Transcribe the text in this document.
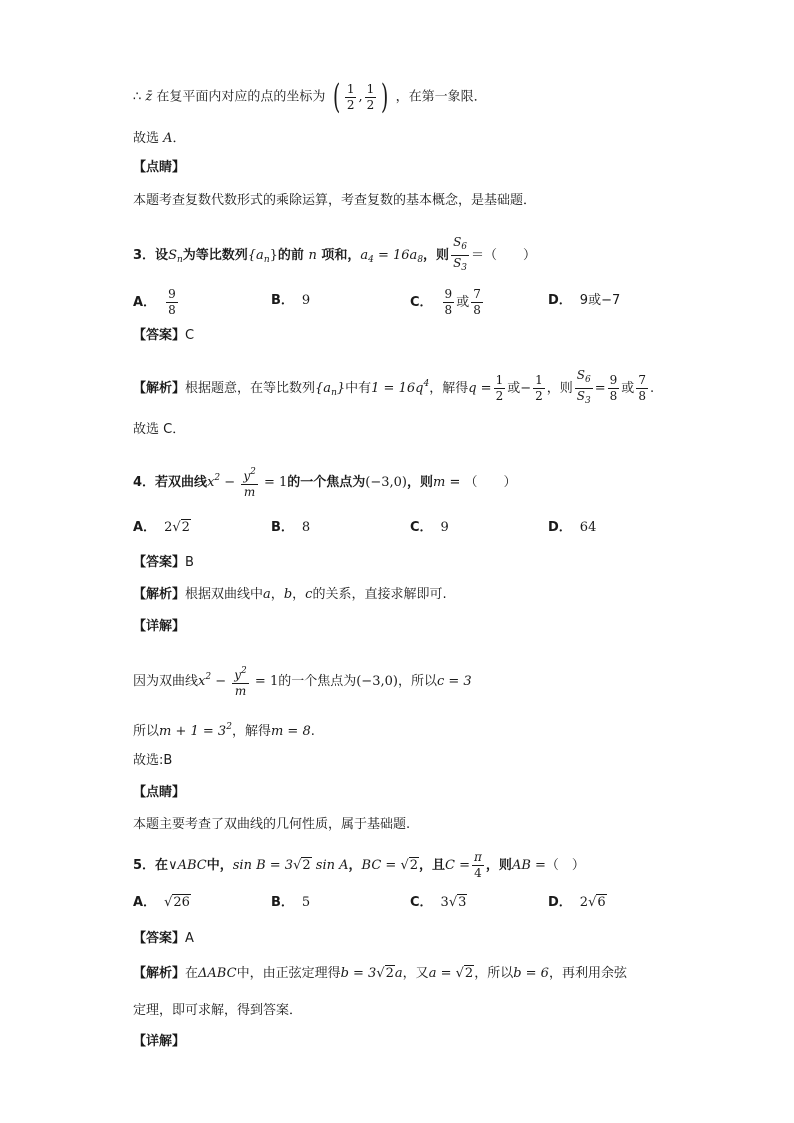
∴ z̄ 在复平面内对应的点的坐标为 ( $\frac{1}{2}$ , $\frac{1}{2}$ ) ，在第一象限．
故选 A．
【点睛】
本题考查复数代数形式的乘除运算，考查复数的基本概念，是基础题．
3．设$S_n$为等比数列$\{a_n\}$的前 n 项和，$a_4 = 16a_8$，则 $\frac{S_6}{S_3}$ ＝（　　）
A． $\frac{9}{8}$	B． 9	C． $\frac{9}{8}$ 或 $\frac{7}{8}$	D． 9或−7
【答案】C
【解析】根据题意，在等比数列$\{a_n\}$中有$1 = 16q^4$，解得$q = \frac{1}{2}$ 或− $\frac{1}{2}$ ，则 $\frac{S_6}{S_3} = \frac{9}{8}$ 或 $\frac{7}{8}$ .
故选 C．
4．若双曲线$x^2 - \frac{y^2}{m} = 1$的一个焦点为(−3,0)，则m = （　　）
A． 2√2	B． 8	C． 9	D． 64
【答案】B
【解析】根据双曲线中a，b，c的关系，直接求解即可.
【详解】
因为双曲线$x^2 - \frac{y^2}{m} = 1$的一个焦点为(−3,0)，所以c = 3
所以$m + 1 = 3^2$，解得m = 8.
故选:B
【点睛】
本题主要考查了双曲线的几何性质，属于基础题.
5．在∨ABC中，sin B = 3√2 sin A，BC = √2，且$C = \frac{\pi}{4}$ ，则AB =（　）
A． √26	B． 5	C． 3√3	D． 2√6
【答案】A
【解析】在ΔABC中，由正弦定理得b = 3√2a，又a = √2，所以b = 6，再利用余弦
定理，即可求解，得到答案．
【详解】
